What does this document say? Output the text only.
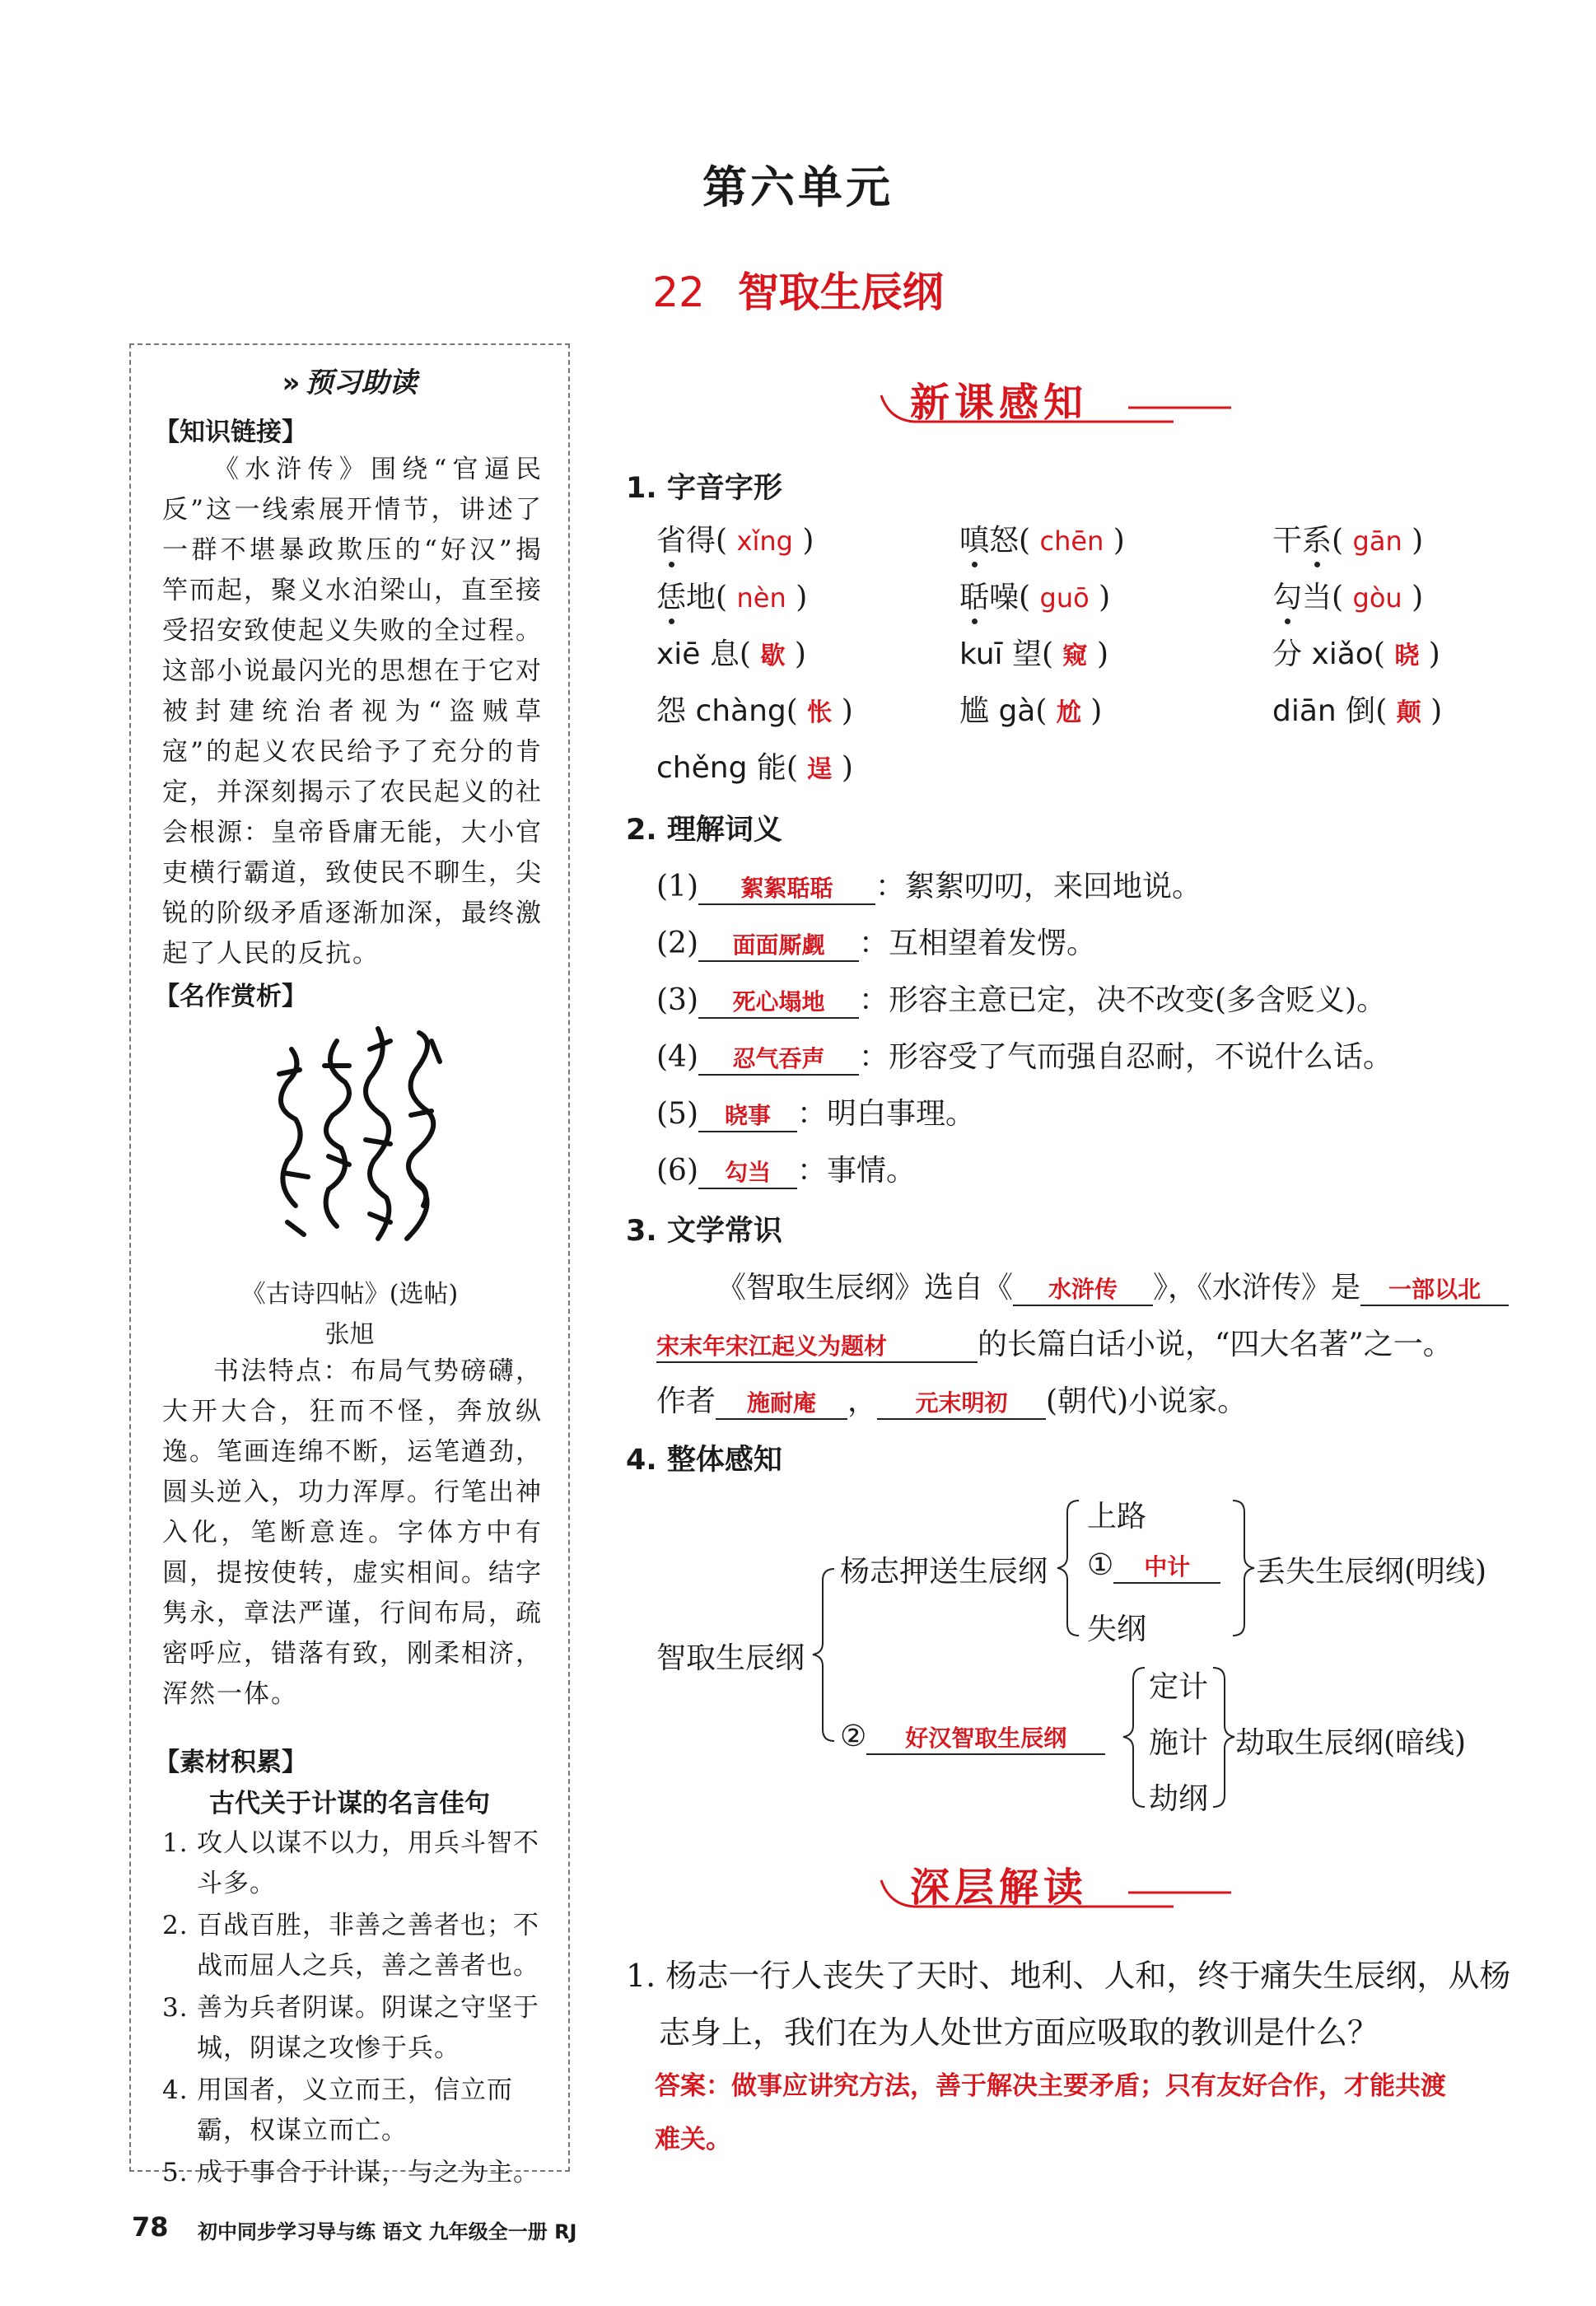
第六单元
22 智取生辰纲
» 预习助读
【知识链接】
《水浒传》围绕“官逼民反”这一线索展开情节，讲述了一群不堪暴政欺压的“好汉”揭竿而起，聚义水泊梁山，直至接受招安致使起义失败的全过程。这部小说最闪光的思想在于它对被封建统治者视为“盗贼草寇”的起义农民给予了充分的肯定，并深刻揭示了农民起义的社会根源：皇帝昏庸无能，大小官吏横行霸道，致使民不聊生，尖锐的阶级矛盾逐渐加深，最终激起了人民的反抗。
【名作赏析】
《古诗四帖》(选帖)
张旭
书法特点：布局气势磅礴，大开大合，狂而不怪，奔放纵逸。笔画连绵不断，运笔遒劲，圆头逆入，功力浑厚。行笔出神入化，笔断意连。字体方中有圆，提按使转，虚实相间。结字隽永，章法严谨，行间布局，疏密呼应，错落有致，刚柔相济，浑然一体。
【素材积累】
古代关于计谋的名言佳句
1. 攻人以谋不以力，用兵斗智不斗多。
2. 百战百胜，非善之善者也；不战而屈人之兵，善之善者也。
3. 善为兵者阴谋。阴谋之守坚于城，阴谋之攻惨于兵。
4. 用国者，义立而王，信立而霸，权谋立而亡。
5. 成于事合于计谋，与之为主。
新课感知
1. 字音字形
省得( xǐng )	嗔怒( chēn )	干系( gān )
恁地( nèn )	聒噪( guō )	勾当( gòu )
xiē 息( 歇 )	kuī 望( 窥 )	分 xiǎo( 晓 )
怨 chàng( 怅 )	尴 gà( 尬 )	diān 倒( 颠 )
chěng 能( 逞 )
2. 理解词义
(1) 絮絮聒聒 ：絮絮叨叨，来回地说。
(2) 面面厮觑 ：互相望着发愣。
(3) 死心塌地 ：形容主意已定，决不改变(多含贬义)。
(4) 忍气吞声 ：形容受了气而强自忍耐，不说什么话。
(5) 晓事 ：明白事理。
(6) 勾当 ：事情。
3. 文学常识
《智取生辰纲》选自《 水浒传 》，《水浒传》是 一部以北
宋末年宋江起义为题材	的长篇白话小说，“四大名著”之一。
作者 施耐庵 ， 元末明初 (朝代)小说家。
4. 整体感知
智取生辰纲
杨志押送生辰纲
上路
① 中计
失纲
丢失生辰纲(明线)
② 好汉智取生辰纲
定计
施计
劫纲
劫取生辰纲(暗线)
深层解读
1. 杨志一行人丧失了天时、地利、人和，终于痛失生辰纲，从杨
志身上，我们在为人处世方面应吸取的教训是什么？
答案：做事应讲究方法，善于解决主要矛盾；只有友好合作，才能共渡
难关。
78 初中同步学习导与练 语文 九年级全一册 RJ
